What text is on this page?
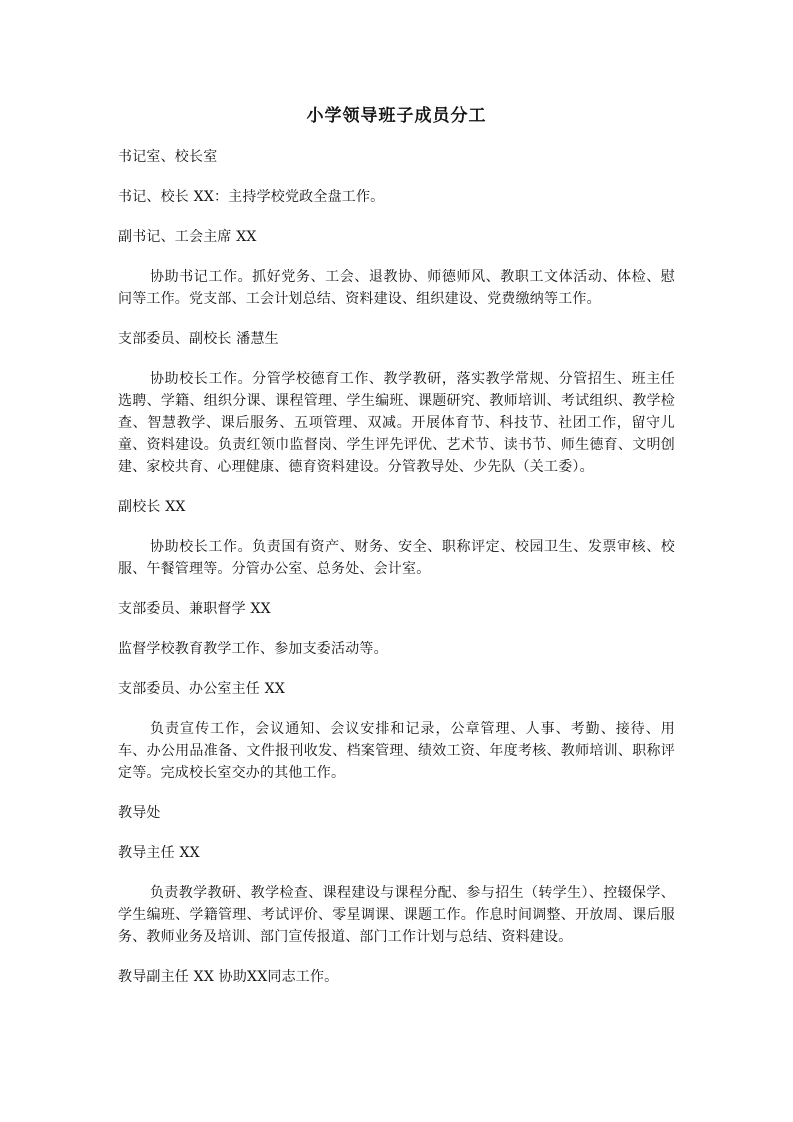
小学领导班子成员分工

书记室、校长室

书记、校长 XX：主持学校党政全盘工作。

副书记、工会主席 XX

协助书记工作。抓好党务、工会、退教协、师德师风、教职工文体活动、体检、慰问等工作。党支部、工会计划总结、资料建设、组织建设、党费缴纳等工作。

支部委员、副校长 潘慧生

协助校长工作。分管学校德育工作、教学教研，落实教学常规、分管招生、班主任选聘、学籍、组织分课、课程管理、学生编班、课题研究、教师培训、考试组织、教学检查、智慧教学、课后服务、五项管理、双减。开展体育节、科技节、社团工作，留守儿童、资料建设。负责红领巾监督岗、学生评先评优、艺术节、读书节、师生德育、文明创建、家校共育、心理健康、德育资料建设。分管教导处、少先队（关工委）。

副校长 XX

协助校长工作。负责国有资产、财务、安全、职称评定、校园卫生、发票审核、校服、午餐管理等。分管办公室、总务处、会计室。

支部委员、兼职督学 XX

监督学校教育教学工作、参加支委活动等。

支部委员、办公室主任 XX

负责宣传工作，会议通知、会议安排和记录，公章管理、人事、考勤、接待、用车、办公用品准备、文件报刊收发、档案管理、绩效工资、年度考核、教师培训、职称评定等。完成校长室交办的其他工作。

教导处

教导主任 XX

负责教学教研、教学检查、课程建设与课程分配、参与招生（转学生）、控辍保学、学生编班、学籍管理、考试评价、零星调课、课题工作。作息时间调整、开放周、课后服务、教师业务及培训、部门宣传报道、部门工作计划与总结、资料建设。

教导副主任 XX 协助XX同志工作。
